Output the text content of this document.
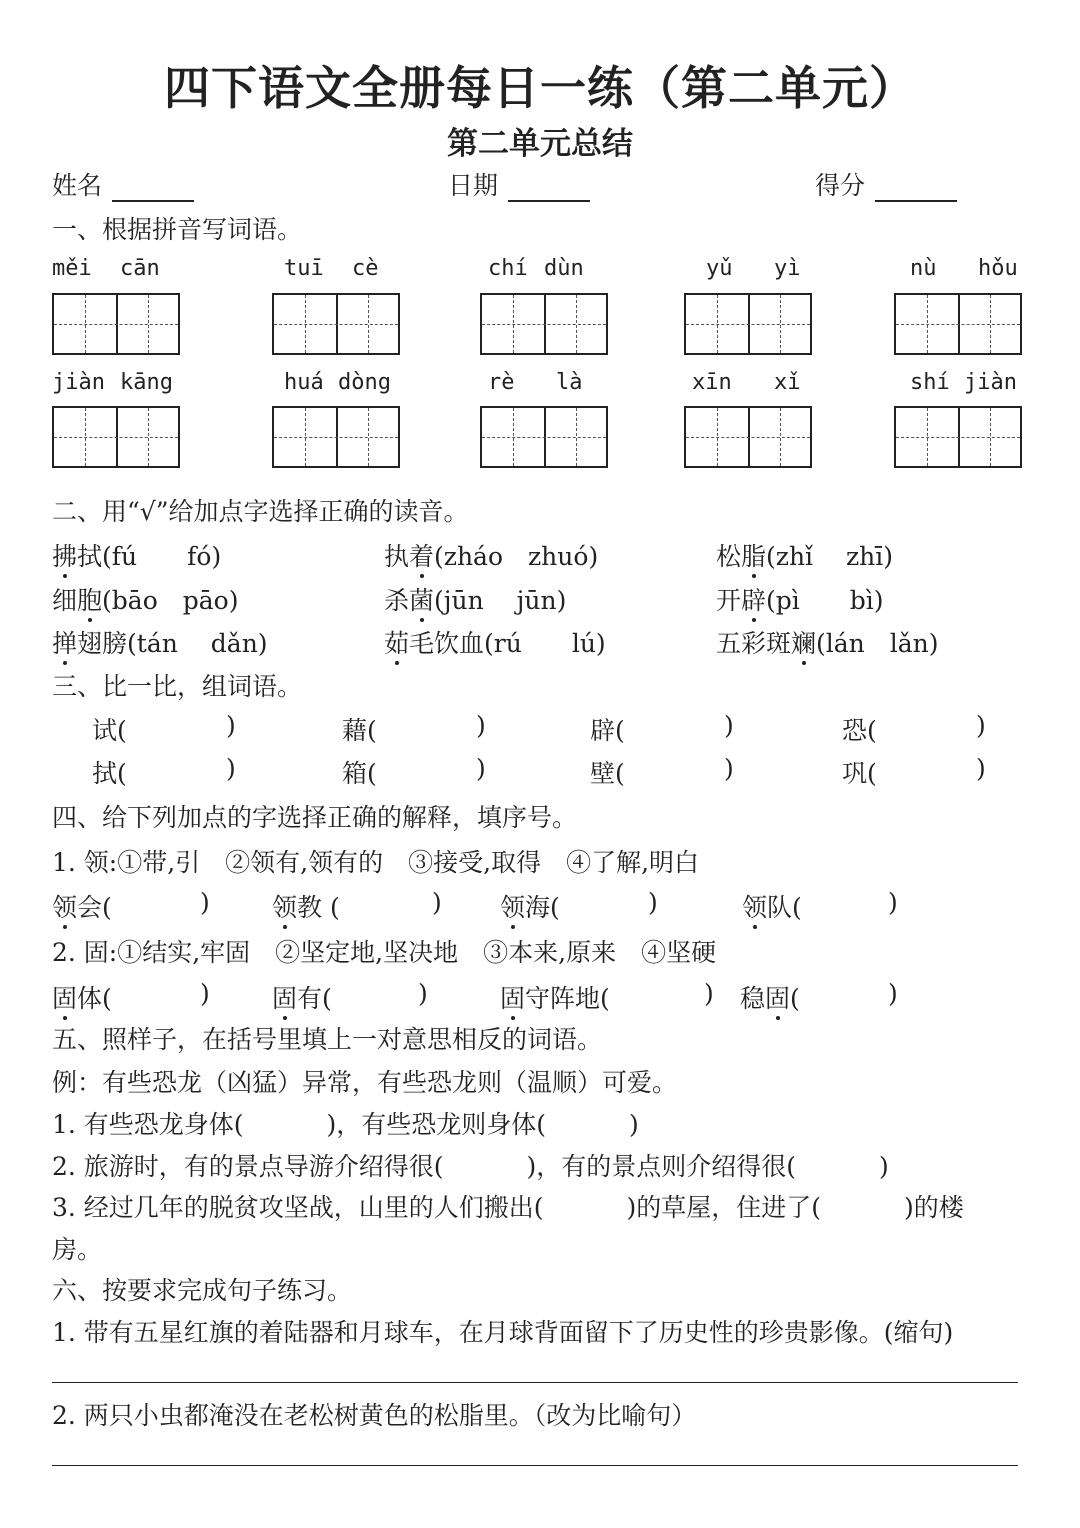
四下语文全册每日一练（第二单元）
第二单元总结
姓名	日期	得分
一、根据拼音写词语。
měi cān	tuī cè	chí dùn	yǔ yì	nù hǒu
jiàn kāng	huá dòng	rè là	xīn xǐ	shí jiàn
二、用“√”给加点字选择正确的读音。
拂拭(fú　　fó)	执着(zháo　zhuó)	松脂(zhǐ　 zhī)
细胞(bāo　pāo)	杀菌(jūn　 jūn)	开辟(pì　　bì)
掸翅膀(tán　 dǎn)	茹毛饮血(rú　　lú)	五彩斑斓(lán　lǎn)
三、比一比，组词语。
试(	)	藉(	)	辟(	)	恐(	)
拭(	)	箱(	)	壁(	)	巩(	)
四、给下列加点的字选择正确的解释，填序号。
1. 领:①带,引　②领有,领有的　③接受,取得　④了解,明白
领会(	) 领教 (	) 领海(	)	领队(	)
2. 固:①结实,牢固　②坚定地,坚决地　③本来,原来　④坚硬
固体(	) 固有(	)	固守阵地(	) 稳固(	)
五、照样子，在括号里填上一对意思相反的词语。
例：有些恐龙（凶猛）异常，有些恐龙则（温顺）可爱。
1. 有些恐龙身体(　　　 )，有些恐龙则身体(　　　 )
2. 旅游时，有的景点导游介绍得很(　　　 )，有的景点则介绍得很(　　　 )
3. 经过几年的脱贫攻坚战，山里的人们搬出(　　　 )的草屋，住进了(　　　 )的楼
房。
六、按要求完成句子练习。
1. 带有五星红旗的着陆器和月球车，在月球背面留下了历史性的珍贵影像。(缩句)
2. 两只小虫都淹没在老松树黄色的松脂里。（改为比喻句）
